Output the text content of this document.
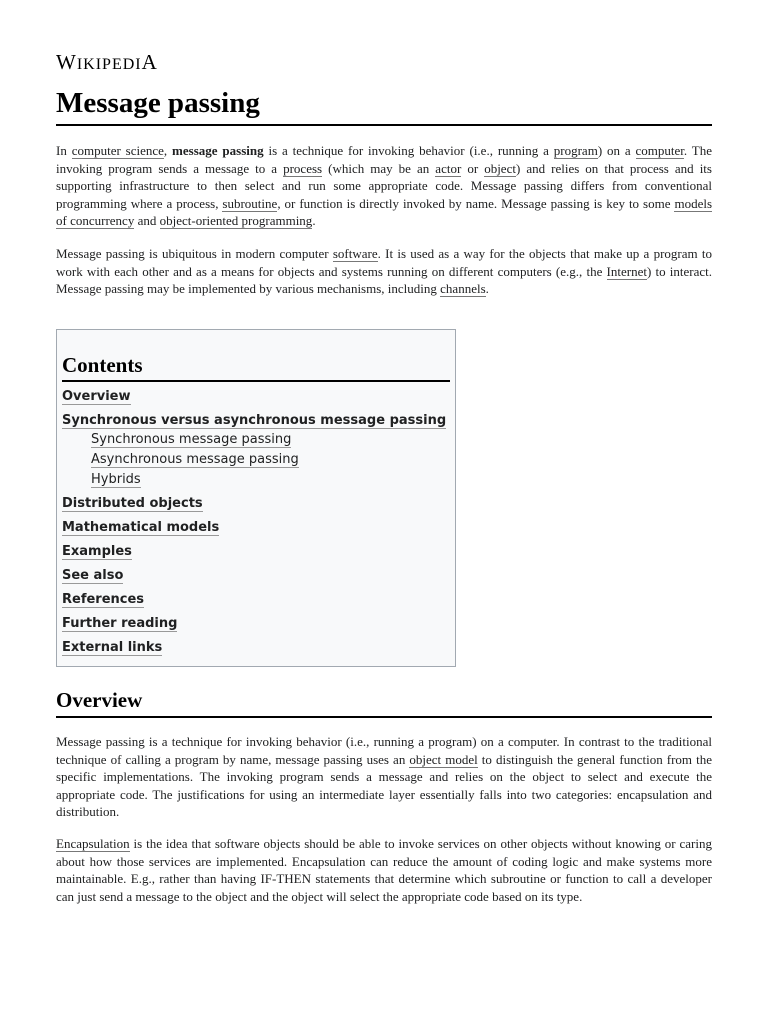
WIKIPEDIA
Message passing

In computer science, message passing is a technique for invoking behavior (i.e., running a program) on a computer. The invoking program sends a message to a process (which may be an actor or object) and relies on that process and its supporting infrastructure to then select and run some appropriate code. Message passing differs from conventional programming where a process, subroutine, or function is directly invoked by name. Message passing is key to some models of concurrency and object-oriented programming.

Message passing is ubiquitous in modern computer software. It is used as a way for the objects that make up a program to work with each other and as a means for objects and systems running on different computers (e.g., the Internet) to interact. Message passing may be implemented by various mechanisms, including channels.

Contents
Overview
Synchronous versus asynchronous message passing
Synchronous message passing
Asynchronous message passing
Hybrids
Distributed objects
Mathematical models
Examples
See also
References
Further reading
External links
Overview

Message passing is a technique for invoking behavior (i.e., running a program) on a computer. In contrast to the traditional technique of calling a program by name, message passing uses an object model to distinguish the general function from the specific implementations. The invoking program sends a message and relies on the object to select and execute the appropriate code. The justifications for using an intermediate layer essentially falls into two categories: encapsulation and distribution.

Encapsulation is the idea that software objects should be able to invoke services on other objects without knowing or caring about how those services are implemented. Encapsulation can reduce the amount of coding logic and make systems more maintainable. E.g., rather than having IF-THEN statements that determine which subroutine or function to call a developer can just send a message to the object and the object will select the appropriate code based on its type.
